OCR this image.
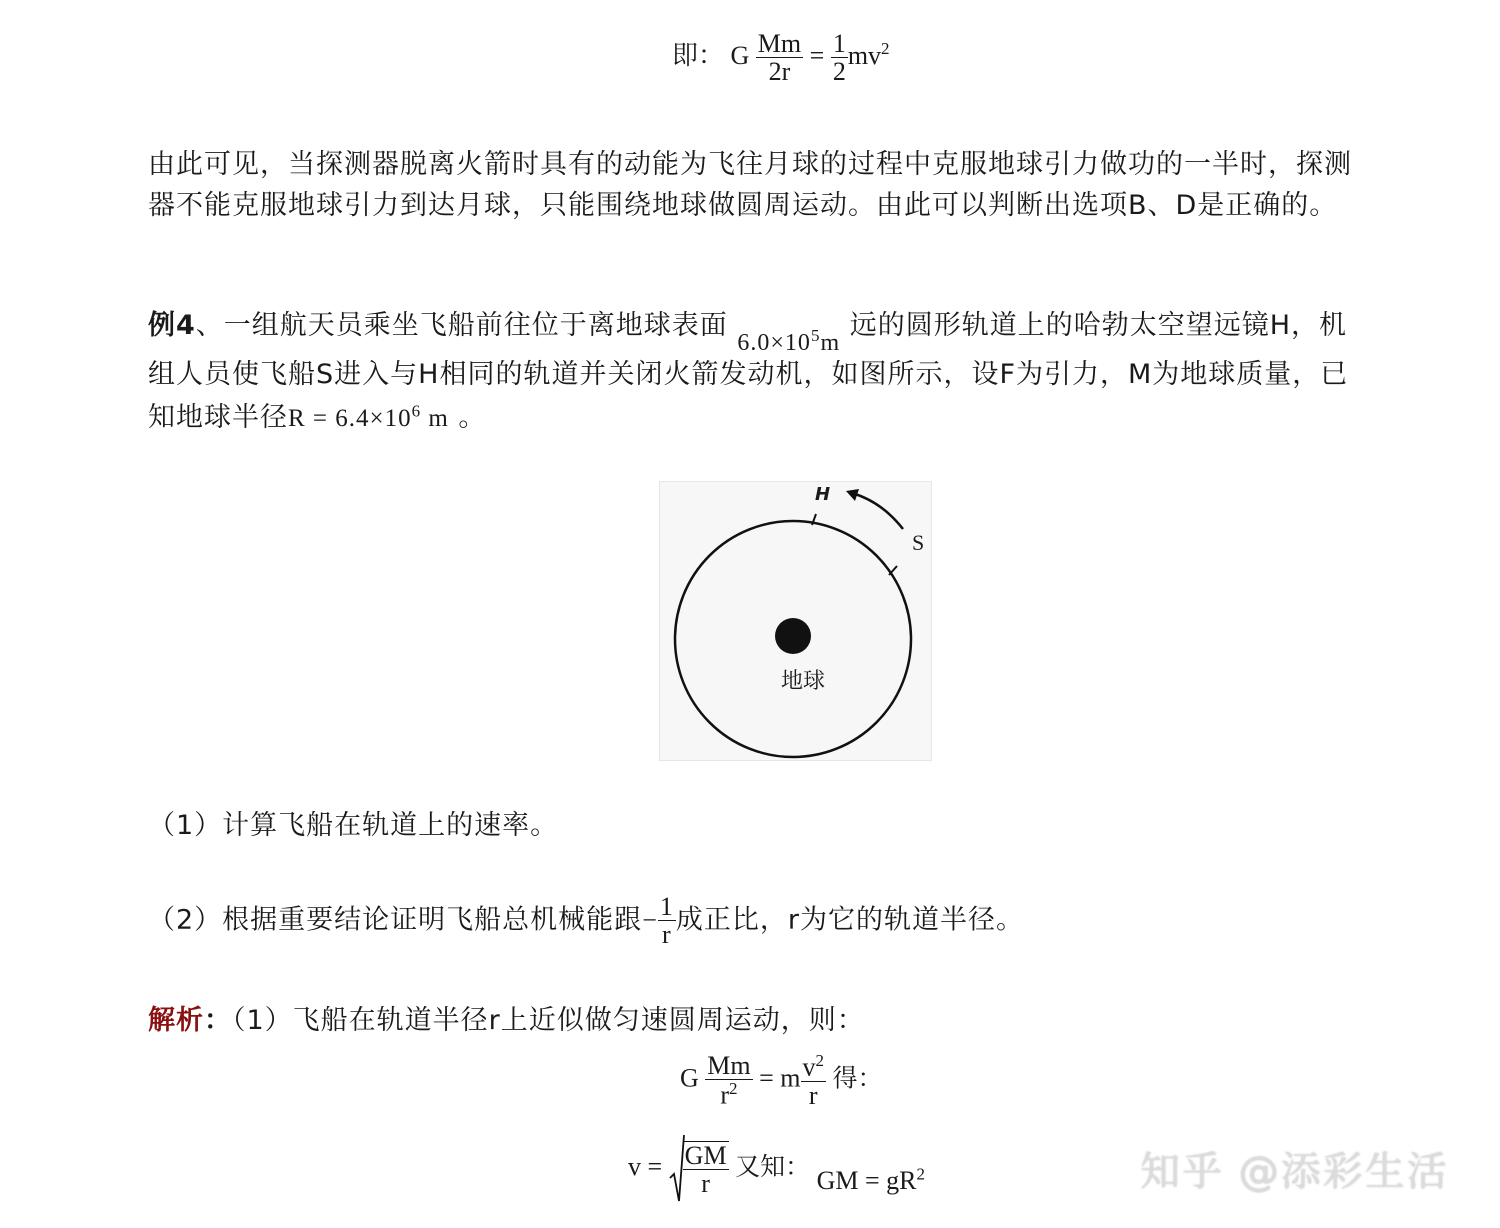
即： G $\frac{Mm}{2r} = \frac{1}{2} mv^2$
由此可见，当探测器脱离火箭时具有的动能为飞往月球的过程中克服地球引力做功的一半时，探测
器不能克服地球引力到达月球，只能围绕地球做圆周运动。由此可以判断出选项B、D是正确的。
例4、一组航天员乘坐飞船前往位于离地球表面 $6.0\times 10^5m$ 远的圆形轨道上的哈勃太空望远镜H，机
组人员使飞船S进入与H相同的轨道并关闭火箭发动机，如图所示，设F为引力，M为地球质量，已
知地球半径$R = 6.4\times 10^6$ m 。
H
S
地球
（1）计算飞船在轨道上的速率。
（2）根据重要结论证明飞船总机械能跟− $\frac{1}{r}$ 成正比，r为它的轨道半径。
解析：（1）飞船在轨道半径r上近似做匀速圆周运动，则：
G $\frac{Mm}{r^2} = m \frac{v^2}{r}$ 得：
$v = \frac{GM}{r}$ 又知： GM = $gR^2$	知乎 @添彩生活
